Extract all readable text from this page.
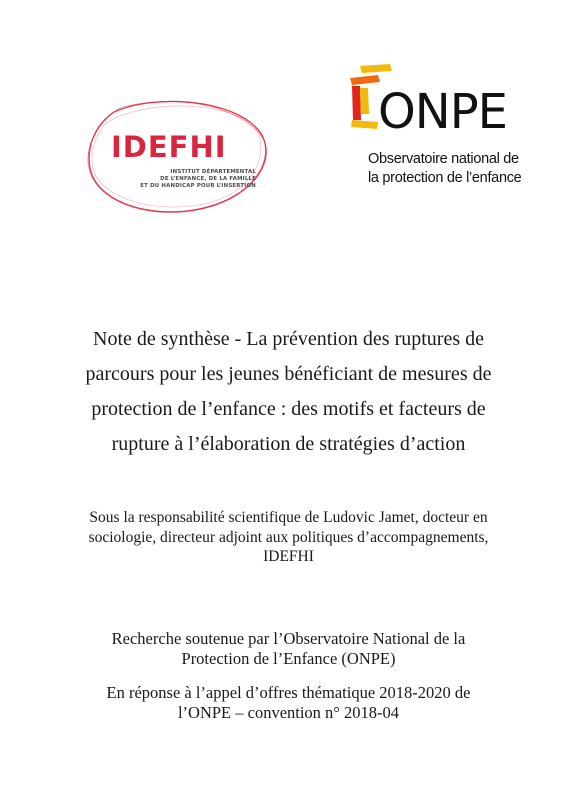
IDEFHI
INSTITUT DÉPARTEMENTAL
DE L’ENFANCE, DE LA FAMILLE
ET DU HANDICAP POUR L’INSERTION
ONPE
Observatoire national de
la protection de l’enfance
Note de synthèse - La prévention des ruptures de
parcours pour les jeunes bénéficiant de mesures de
protection de l’enfance : des motifs et facteurs de
rupture à l’élaboration de stratégies d’action
Sous la responsabilité scientifique de Ludovic Jamet, docteur en
sociologie, directeur adjoint aux politiques d’accompagnements,
IDEFHI
Recherche soutenue par l’Observatoire National de la
Protection de l’Enfance (ONPE)
En réponse à l’appel d’offres thématique 2018-2020 de
l’ONPE – convention n° 2018-04
